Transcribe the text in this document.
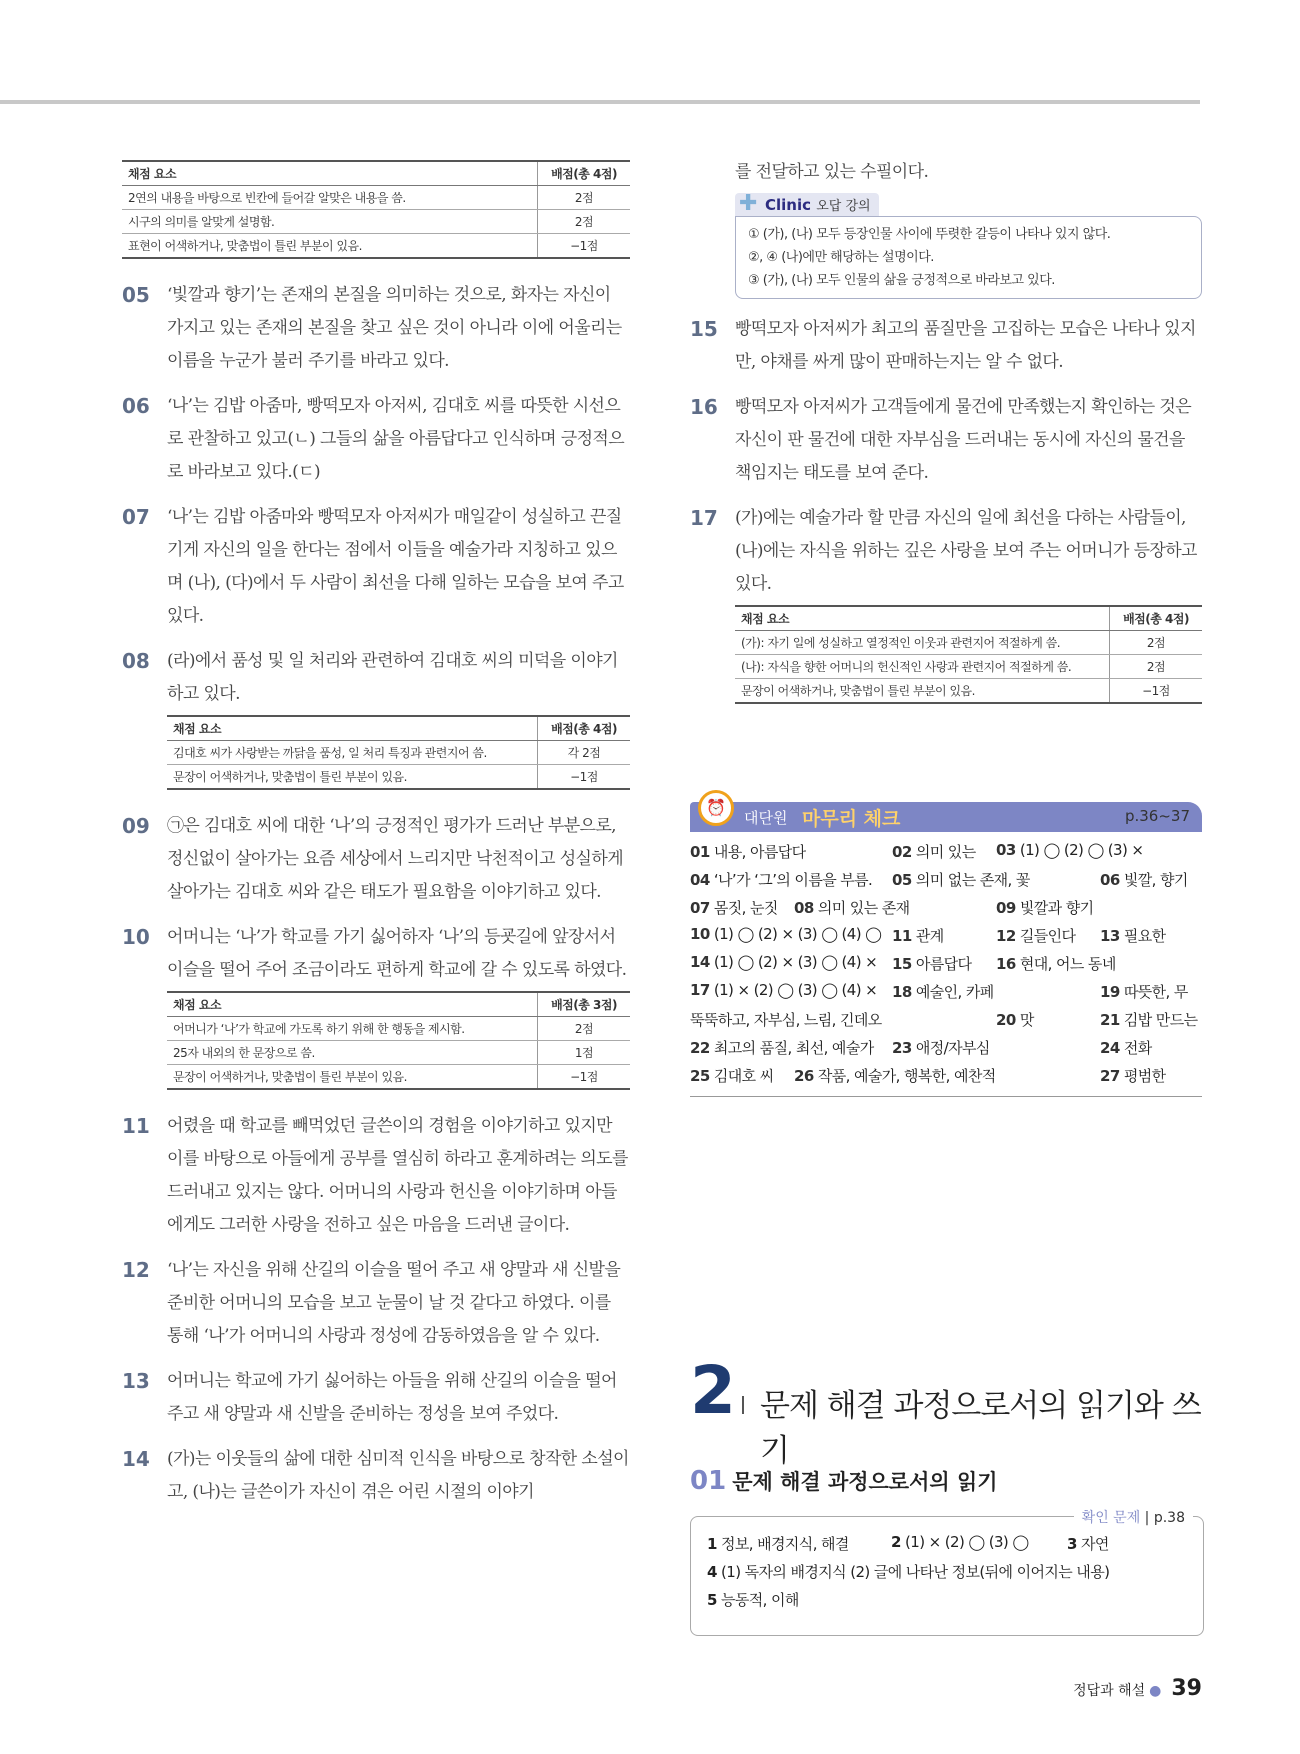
채점 요소	배점(총 4점)
2연의 내용을 바탕으로 빈칸에 들어갈 알맞은 내용을 씀.	2점
시구의 의미를 알맞게 설명함.	2점
표현이 어색하거나, 맞춤법이 틀린 부분이 있음.	−1점
05 ‘빛깔과 향기’는 존재의 본질을 의미하는 것으로, 화자는 자신이 가지고 있는 존재의 본질을 찾고 싶은 것이 아니라 이에 어울리는 이름을 누군가 불러 주기를 바라고 있다.
06 ‘나’는 김밥 아줌마, 빵떡모자 아저씨, 김대호 씨를 따뜻한 시선으로 관찰하고 있고(ㄴ) 그들의 삶을 아름답다고 인식하며 긍정적으로 바라보고 있다.(ㄷ)
07 ‘나’는 김밥 아줌마와 빵떡모자 아저씨가 매일같이 성실하고 끈질기게 자신의 일을 한다는 점에서 이들을 예술가라 지칭하고 있으며 (나), (다)에서 두 사람이 최선을 다해 일하는 모습을 보여 주고 있다.
08 (라)에서 품성 및 일 처리와 관련하여 김대호 씨의 미덕을 이야기하고 있다.
채점 요소	배점(총 4점)
김대호 씨가 사랑받는 까닭을 품성, 일 처리 특징과 관련지어 씀.	각 2점
문장이 어색하거나, 맞춤법이 틀린 부분이 있음.	−1점
09 ㉠은 김대호 씨에 대한 ‘나’의 긍정적인 평가가 드러난 부분으로, 정신없이 살아가는 요즘 세상에서 느리지만 낙천적이고 성실하게 살아가는 김대호 씨와 같은 태도가 필요함을 이야기하고 있다.
10 어머니는 ‘나’가 학교를 가기 싫어하자 ‘나’의 등굣길에 앞장서서 이슬을 떨어 주어 조금이라도 편하게 학교에 갈 수 있도록 하였다.
채점 요소	배점(총 3점)
어머니가 ‘나’가 학교에 가도록 하기 위해 한 행동을 제시함.	2점
25자 내외의 한 문장으로 씀.	1점
문장이 어색하거나, 맞춤법이 틀린 부분이 있음.	−1점
11 어렸을 때 학교를 빼먹었던 글쓴이의 경험을 이야기하고 있지만 이를 바탕으로 아들에게 공부를 열심히 하라고 훈계하려는 의도를 드러내고 있지는 않다. 어머니의 사랑과 헌신을 이야기하며 아들에게도 그러한 사랑을 전하고 싶은 마음을 드러낸 글이다.
12 ‘나’는 자신을 위해 산길의 이슬을 떨어 주고 새 양말과 새 신발을 준비한 어머니의 모습을 보고 눈물이 날 것 같다고 하였다. 이를 통해 ‘나’가 어머니의 사랑과 정성에 감동하였음을 알 수 있다.
13 어머니는 학교에 가기 싫어하는 아들을 위해 산길의 이슬을 떨어 주고 새 양말과 새 신발을 준비하는 정성을 보여 주었다.
14 (가)는 이웃들의 삶에 대한 심미적 인식을 바탕으로 창작한 소설이고, (나)는 글쓴이가 자신이 겪은 어린 시절의 이야기
를 전달하고 있는 수필이다.
✚ Clinic 오답 강의
① (가), (나) 모두 등장인물 사이에 뚜렷한 갈등이 나타나 있지 않다.
②, ④ (나)에만 해당하는 설명이다.
③ (가), (나) 모두 인물의 삶을 긍정적으로 바라보고 있다.
15 빵떡모자 아저씨가 최고의 품질만을 고집하는 모습은 나타나 있지만, 야채를 싸게 많이 판매하는지는 알 수 없다.
16 빵떡모자 아저씨가 고객들에게 물건에 만족했는지 확인하는 것은 자신이 판 물건에 대한 자부심을 드러내는 동시에 자신의 물건을 책임지는 태도를 보여 준다.
17 (가)에는 예술가라 할 만큼 자신의 일에 최선을 다하는 사람들이, (나)에는 자식을 위하는 깊은 사랑을 보여 주는 어머니가 등장하고 있다.
채점 요소	배점(총 4점)
(가): 자기 일에 성실하고 열정적인 이웃과 관련지어 적절하게 씀.	2점
(나): 자식을 향한 어머니의 헌신적인 사랑과 관련지어 적절하게 씀.	2점
문장이 어색하거나, 맞춤법이 틀린 부분이 있음.	−1점
⏰
대단원 마무리 체크	p.36~37
01 내용, 아름답다	02 의미 있는 03 (1) ◯ (2) ◯ (3) ×
04 ‘나’가 ‘그’의 이름을 부름. 05 의미 없는 존재, 꽃	06 빛깔, 향기
07 몸짓, 눈짓 08 의미 있는 존재	09 빛깔과 향기
10 (1) ◯ (2) × (3) ◯ (4) ◯ 11 관계	12 길들인다 13 필요한
14 (1) ◯ (2) × (3) ◯ (4) × 15 아름답다 16 현대, 어느 동네
17 (1) × (2) ◯ (3) ◯ (4) × 18 예술인, 카페	19 따뜻한, 무
뚝뚝하고, 자부심, 느림, 긴데오	20 맛	21 김밥 만드는
22 최고의 품질, 최선, 예술가 23 애정/자부심	24 전화
25 김대호 씨 26 작품, 예술가, 행복한, 예찬적	27 평범한
2 문제 해결 과정으로서의 읽기와 쓰기
01 문제 해결 과정으로서의 읽기
확인 문제 | p.38
1 정보, 배경지식, 해결	2 (1) × (2) ◯ (3) ◯	3 자연
4 (1) 독자의 배경지식 (2) 글에 나타난 정보(뒤에 이어지는 내용)
5 능동적, 이해
정답과 해설 ● 39
